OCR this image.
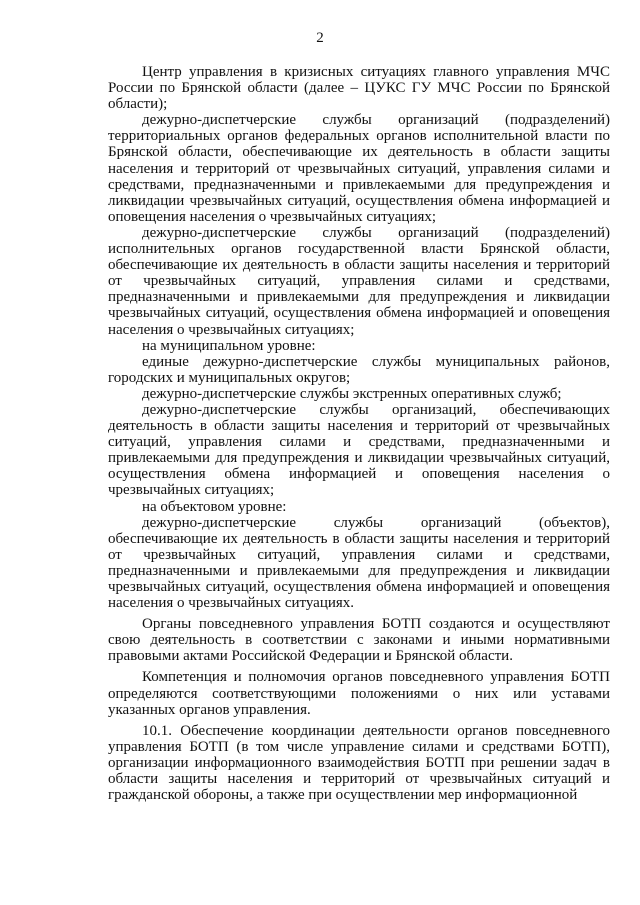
2

Центр управления в кризисных ситуациях главного управления МЧС России по Брянской области (далее – ЦУКС ГУ МЧС России по Брянской области);

дежурно-диспетчерские службы организаций (подразделений) территориальных органов федеральных органов исполнительной власти по Брянской области, обеспечивающие их деятельность в области защиты населения и территорий от чрезвычайных ситуаций, управления силами и средствами, предназначенными и привлекаемыми для предупреждения и ликвидации чрезвычайных ситуаций, осуществления обмена информацией и оповещения населения о чрезвычайных ситуациях;

дежурно-диспетчерские службы организаций (подразделений) исполнительных органов государственной власти Брянской области, обеспечивающие их деятельность в области защиты населения и территорий от чрезвычайных ситуаций, управления силами и средствами, предназначенными и привлекаемыми для предупреждения и ликвидации чрезвычайных ситуаций, осуществления обмена информацией и оповещения населения о чрезвычайных ситуациях;

на муниципальном уровне:

единые дежурно-диспетчерские службы муниципальных районов, городских и муниципальных округов;

дежурно-диспетчерские службы экстренных оперативных служб;

дежурно-диспетчерские службы организаций, обеспечивающих деятельность в области защиты населения и территорий от чрезвычайных ситуаций, управления силами и средствами, предназначенными и привлекаемыми для предупреждения и ликвидации чрезвычайных ситуаций, осуществления обмена информацией и оповещения населения о чрезвычайных ситуациях;

на объектовом уровне:

дежурно-диспетчерские службы организаций (объектов), обеспечивающие их деятельность в области защиты населения и территорий от чрезвычайных ситуаций, управления силами и средствами, предназначенными и привлекаемыми для предупреждения и ликвидации чрезвычайных ситуаций, осуществления обмена информацией и оповещения населения о чрезвычайных ситуациях.

Органы повседневного управления БОТП создаются и осуществляют свою деятельность в соответствии с законами и иными нормативными правовыми актами Российской Федерации и Брянской области.

Компетенция и полномочия органов повседневного управления БОТП определяются соответствующими положениями о них или уставами указанных органов управления.

10.1. Обеспечение координации деятельности органов повседневного управления БОТП (в том числе управление силами и средствами БОТП), организации информационного взаимодействия БОТП при решении задач в области защиты населения и территорий от чрезвычайных ситуаций и гражданской обороны, а также при осуществлении мер информационной
